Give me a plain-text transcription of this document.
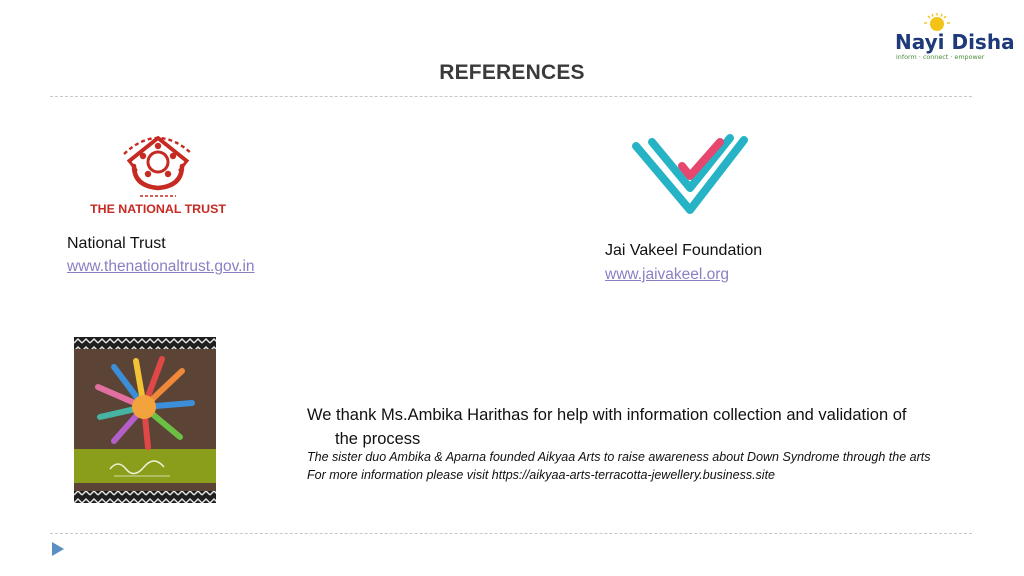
Nayi Disha
inform · connect · empower
REFERENCES
THE NATIONAL TRUST
National Trust
www.thenationaltrust.gov.in
Jai Vakeel Foundation
www.jaivakeel.org
We thank Ms.Ambika Harithas for help with information collection and validation of
the process
The sister duo Ambika & Aparna founded Aikyaa Arts to raise awareness about Down Syndrome through the arts
For more information please visit https://aikyaa-arts-terracotta-jewellery.business.site
